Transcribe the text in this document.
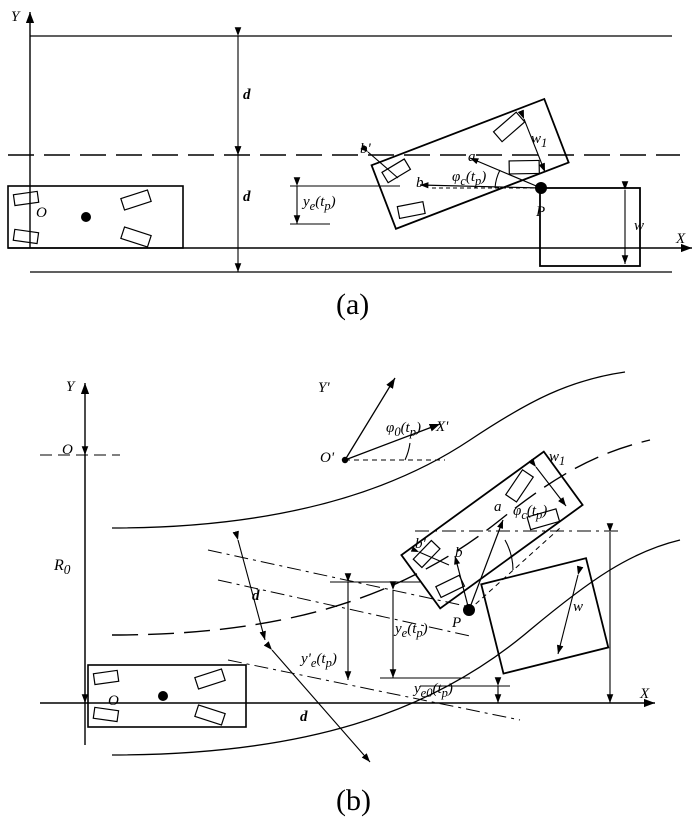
Y
X
O
d
d	$y_e(t_p)$
a
b
b'
$\varphi_c(t_p)$
P
$w_1$
w
(a)
Y
X
O
O
Y'
X'
O'
$R_0$
$\varphi_0(t_p)$
d
d
$y_e(t_p)$
$y'_e(t_p)$
$y_{e0}(t_p)$
a
b
b'
$\varphi_c(t_p)$
P
$w_1$
w
(b)
